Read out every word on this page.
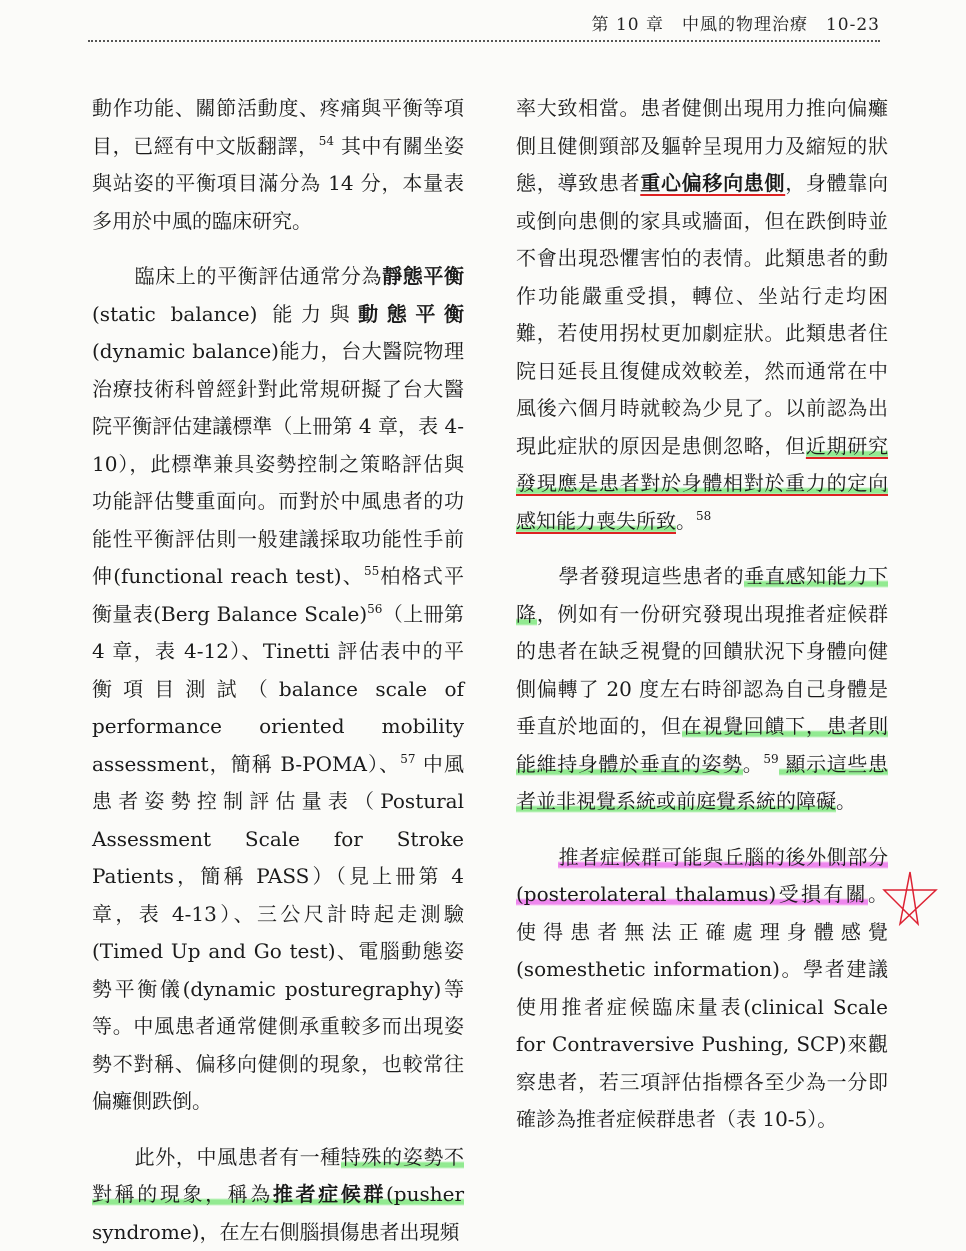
第 10 章　中風的物理治療　10-23

動作功能、關節活動度、疼痛與平衡等項目，已經有中文版翻譯，$^{54}$ 其中有關坐姿與站姿的平衡項目滿分為 14 分，本量表多用於中風的臨床研究。

臨床上的平衡評估通常分為靜態平衡 (static balance) 能力與動態平衡 (dynamic balance)能力，台大醫院物理治療技術科曾經針對此常規研擬了台大醫院平衡評估建議標準（上冊第 4 章，表 4-10），此標準兼具姿勢控制之策略評估與功能評估雙重面向。而對於中風患者的功能性平衡評估則一般建議採取功能性手前伸(functional reach test)、$^{55}$柏格式平衡量表(Berg Balance Scale)$^{56}$（上冊第 4 章，表 4-12）、Tinetti 評估表中的平衡項目測試（balance scale of performance oriented mobility assessment，簡稱 B-POMA）、$^{57}$ 中風患者姿勢控制評估量表（Postural Assessment Scale for Stroke Patients，簡稱 PASS）（見上冊第 4 章，表 4-13）、三公尺計時起走測驗(Timed Up and Go test)、電腦動態姿勢平衡儀(dynamic posturegraphy)等等。中風患者通常健側承重較多而出現姿勢不對稱、偏移向健側的現象，也較常往偏癱側跌倒。

此外，中風患者有一種特殊的姿勢不對稱的現象，稱為推者症候群(pusher syndrome)，在左右側腦損傷患者出現頻

率大致相當。患者健側出現用力推向偏癱側且健側頸部及軀幹呈現用力及縮短的狀態，導致患者重心偏移向患側，身體靠向或倒向患側的家具或牆面，但在跌倒時並不會出現恐懼害怕的表情。此類患者的動作功能嚴重受損，轉位、坐站行走均困難，若使用拐杖更加劇症狀。此類患者住院日延長且復健成效較差，然而通常在中風後六個月時就較為少見了。以前認為出現此症狀的原因是患側忽略，但近期研究發現應是患者對於身體相對於重力的定向感知能力喪失所致。$^{58}$

學者發現這些患者的垂直感知能力下降，例如有一份研究發現出現推者症候群的患者在缺乏視覺的回饋狀況下身體向健側偏轉了 20 度左右時卻認為自己身體是垂直於地面的，但在視覺回饋下，患者則能維持身體於垂直的姿勢。$^{59}$ 顯示這些患者並非視覺系統或前庭覺系統的障礙。

推者症候群可能與丘腦的後外側部分(posterolateral thalamus)受損有關。使得患者無法正確處理身體感覺(somesthetic information)。學者建議使用推者症候臨床量表(clinical Scale for Contraversive Pushing, SCP)來觀察患者，若三項評估指標各至少為一分即確診為推者症候群患者（表 10-5）。
